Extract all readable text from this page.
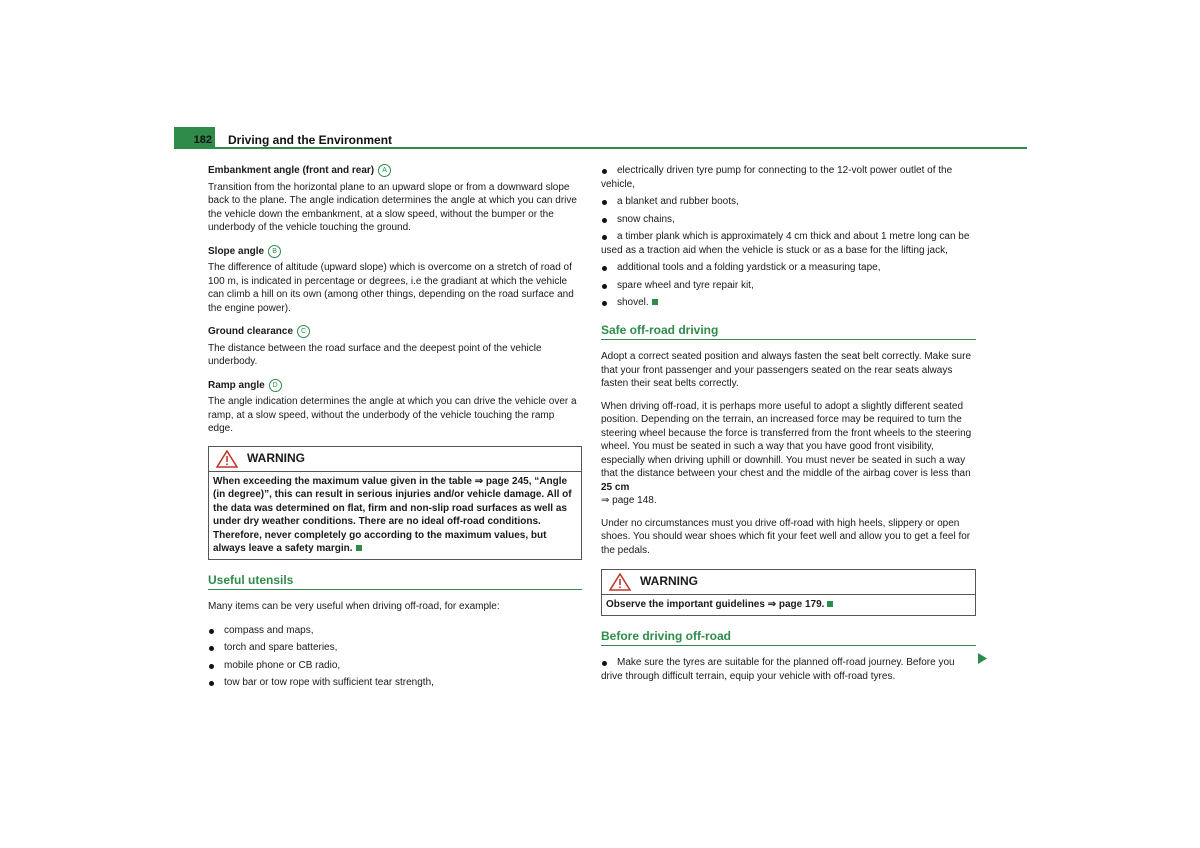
182 Driving and the Environment
Embankment angle (front and rear)	A

Transition from the horizontal plane to an upward slope or from a downward slope back to the plane. The angle indication determines the angle at which you can drive the vehicle down the embankment, at a slow speed, without the bumper or the underbody of the vehicle touching the ground.

Slope angle	B

The difference of altitude (upward slope) which is overcome on a stretch of road of 100 m, is indicated in percentage or degrees, i.e the gradiant at which the vehicle can climb a hill on its own (among other things, depending on the road surface and the engine power).

Ground clearance	C

The distance between the road surface and the deepest point of the vehicle underbody.

Ramp angle	D

The angle indication determines the angle at which you can drive the vehicle over a ramp, at a slow speed, without the underbody of the vehicle touching the ramp edge.

WARNING
When exceeding the maximum value given in the table ⇒ page 245, “Angle (in degree)”, this can result in serious injuries and/or vehicle damage. All of the data was determined on flat, firm and non-slip road surfaces as well as under dry weather conditions. There are no ideal off-road conditions. Therefore, never completely go according to the maximum values, but always leave a safety margin.
Useful utensils

Many items can be very useful when driving off-road, for example:

compass and maps,
torch and spare batteries,
mobile phone or CB radio,
tow bar or tow rope with sufficient tear strength,
electrically driven tyre pump for connecting to the 12-volt power outlet of the vehicle,
a blanket and rubber boots,
snow chains,
a timber plank which is approximately 4 cm thick and about 1 metre long can be used as a traction aid when the vehicle is stuck or as a base for the lifting jack,
additional tools and a folding yardstick or a measuring tape,
spare wheel and tyre repair kit,
shovel.
Safe off-road driving

Adopt a correct seated position and always fasten the seat belt correctly. Make sure that your front passenger and your passengers seated on the rear seats always fasten their seat belts correctly.

When driving off-road, it is perhaps more useful to adopt a slightly different seated position. Depending on the terrain, an increased force may be required to turn the steering wheel because the force is transferred from the front wheels to the steering wheel. You must be seated in such a way that you have good front visibility, especially when driving uphill or downhill. You must never be seated in such a way that the distance between your chest and the middle of the airbag cover is less than 25 cm
⇒ page 148.

Under no circumstances must you drive off-road with high heels, slippery or open shoes. You should wear shoes which fit your feet well and allow you to get a feel for the pedals.

WARNING
Observe the important guidelines ⇒ page 179.
Before driving off-road
Make sure the tyres are suitable for the planned off-road journey. Before you drive through difficult terrain, equip your vehicle with off-road tyres.
